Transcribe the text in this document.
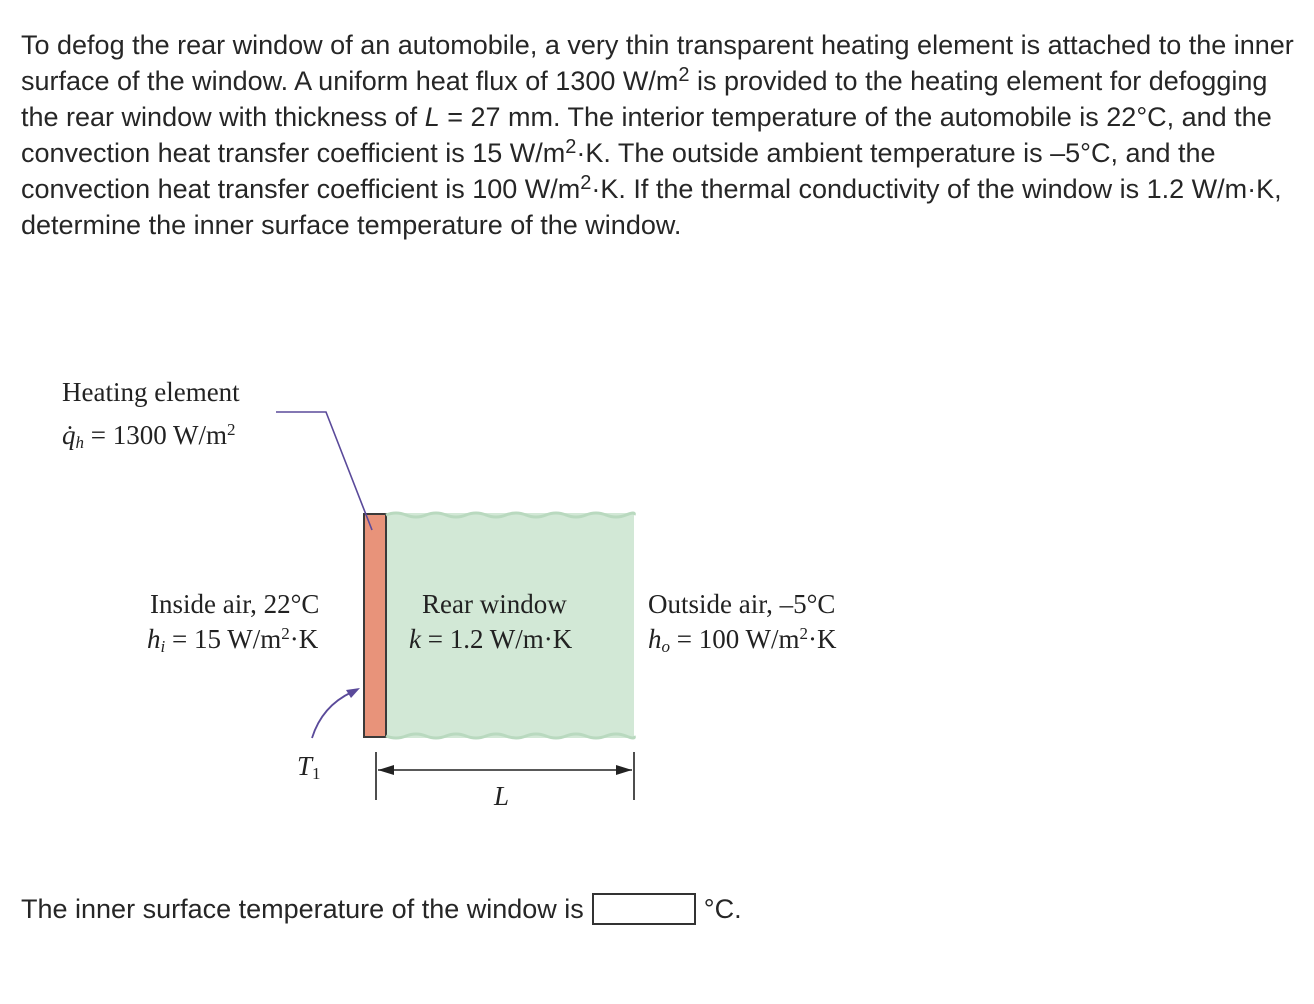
To defog the rear window of an automobile, a very thin transparent heating element is attached to the inner surface of the window. A uniform heat flux of 1300 $W/m^2$ is provided to the heating element for defogging the rear window with thickness of L = 27 mm. The interior temperature of the automobile is 22°C, and the convection heat transfer coefficient is 15 $W/m^2\cdot K$. The outside ambient temperature is –5°C, and the convection heat transfer coefficient is 100 $W/m^2\cdot K$. If the thermal conductivity of the window is 1.2 W/m·K, determine the inner surface temperature of the window.

Heating element
$q̇_h = 1300$ $W/m^2$
Inside air, 22°C
$h_i = 15$ $W/m^2\cdot K$
Rear window
k = 1.2 W/m·K
Outside air, –5°C
$h_o = 100$ $W/m^2\cdot K$
$T_1$
L
The inner surface temperature of the window is	°C.
